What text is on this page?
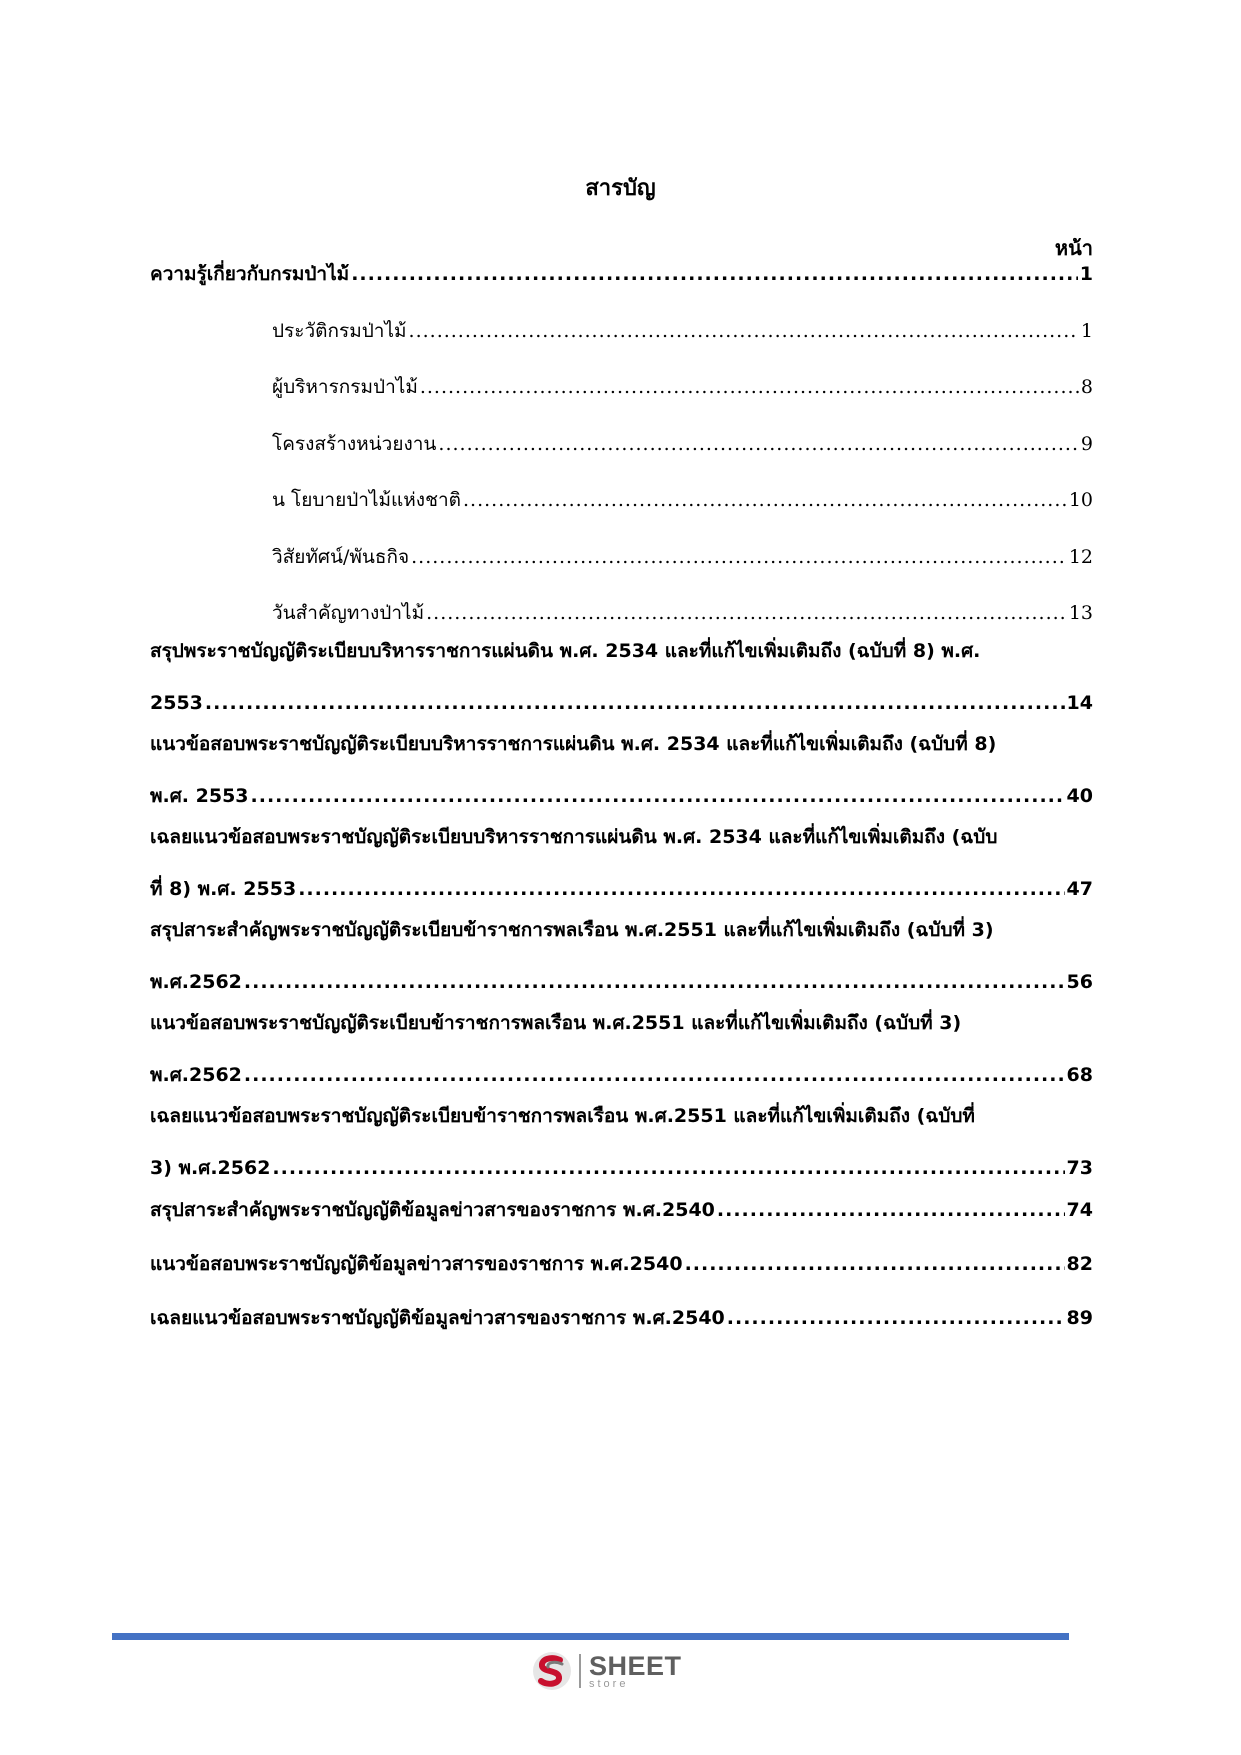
สารบัญ
หน้า
ความรู้เกี่ยวกับกรมป่าไม้ .....	1
ประวัติกรมป่าไม้ .....	1
ผู้บริหารกรมป่าไม้ .....	8
โครงสร้างหน่วยงาน .....	9
น โยบายป่าไม้แห่งชาติ .....	10
วิสัยทัศน์/พันธกิจ .....	12
วันสำคัญทางป่าไม้ .....	13
สรุปพระราชบัญญัติระเบียบบริหารราชการแผ่นดิน พ.ศ. 2534 และที่แก้ไขเพิ่มเติมถึง (ฉบับที่ 8) พ.ศ.
2553 .....	14
แนวข้อสอบพระราชบัญญัติระเบียบบริหารราชการแผ่นดิน พ.ศ. 2534 และที่แก้ไขเพิ่มเติมถึง (ฉบับที่ 8)
พ.ศ. 2553 .....	40
เฉลยแนวข้อสอบพระราชบัญญัติระเบียบบริหารราชการแผ่นดิน พ.ศ. 2534 และที่แก้ไขเพิ่มเติมถึง (ฉบับ
ที่ 8) พ.ศ. 2553 .....	47
สรุปสาระสำคัญพระราชบัญญัติระเบียบข้าราชการพลเรือน พ.ศ.2551 และที่แก้ไขเพิ่มเติมถึง (ฉบับที่ 3)
พ.ศ.2562 .....	56
แนวข้อสอบพระราชบัญญัติระเบียบข้าราชการพลเรือน พ.ศ.2551 และที่แก้ไขเพิ่มเติมถึง (ฉบับที่ 3)
พ.ศ.2562 .....	68
เฉลยแนวข้อสอบพระราชบัญญัติระเบียบข้าราชการพลเรือน พ.ศ.2551 และที่แก้ไขเพิ่มเติมถึง (ฉบับที่
3) พ.ศ.2562 .....	73
สรุปสาระสำคัญพระราชบัญญัติข้อมูลข่าวสารของราชการ พ.ศ.2540 .....	74
แนวข้อสอบพระราชบัญญัติข้อมูลข่าวสารของราชการ พ.ศ.2540 .....	82
เฉลยแนวข้อสอบพระราชบัญญัติข้อมูลข่าวสารของราชการ พ.ศ.2540 .....	89
SHEET
store
